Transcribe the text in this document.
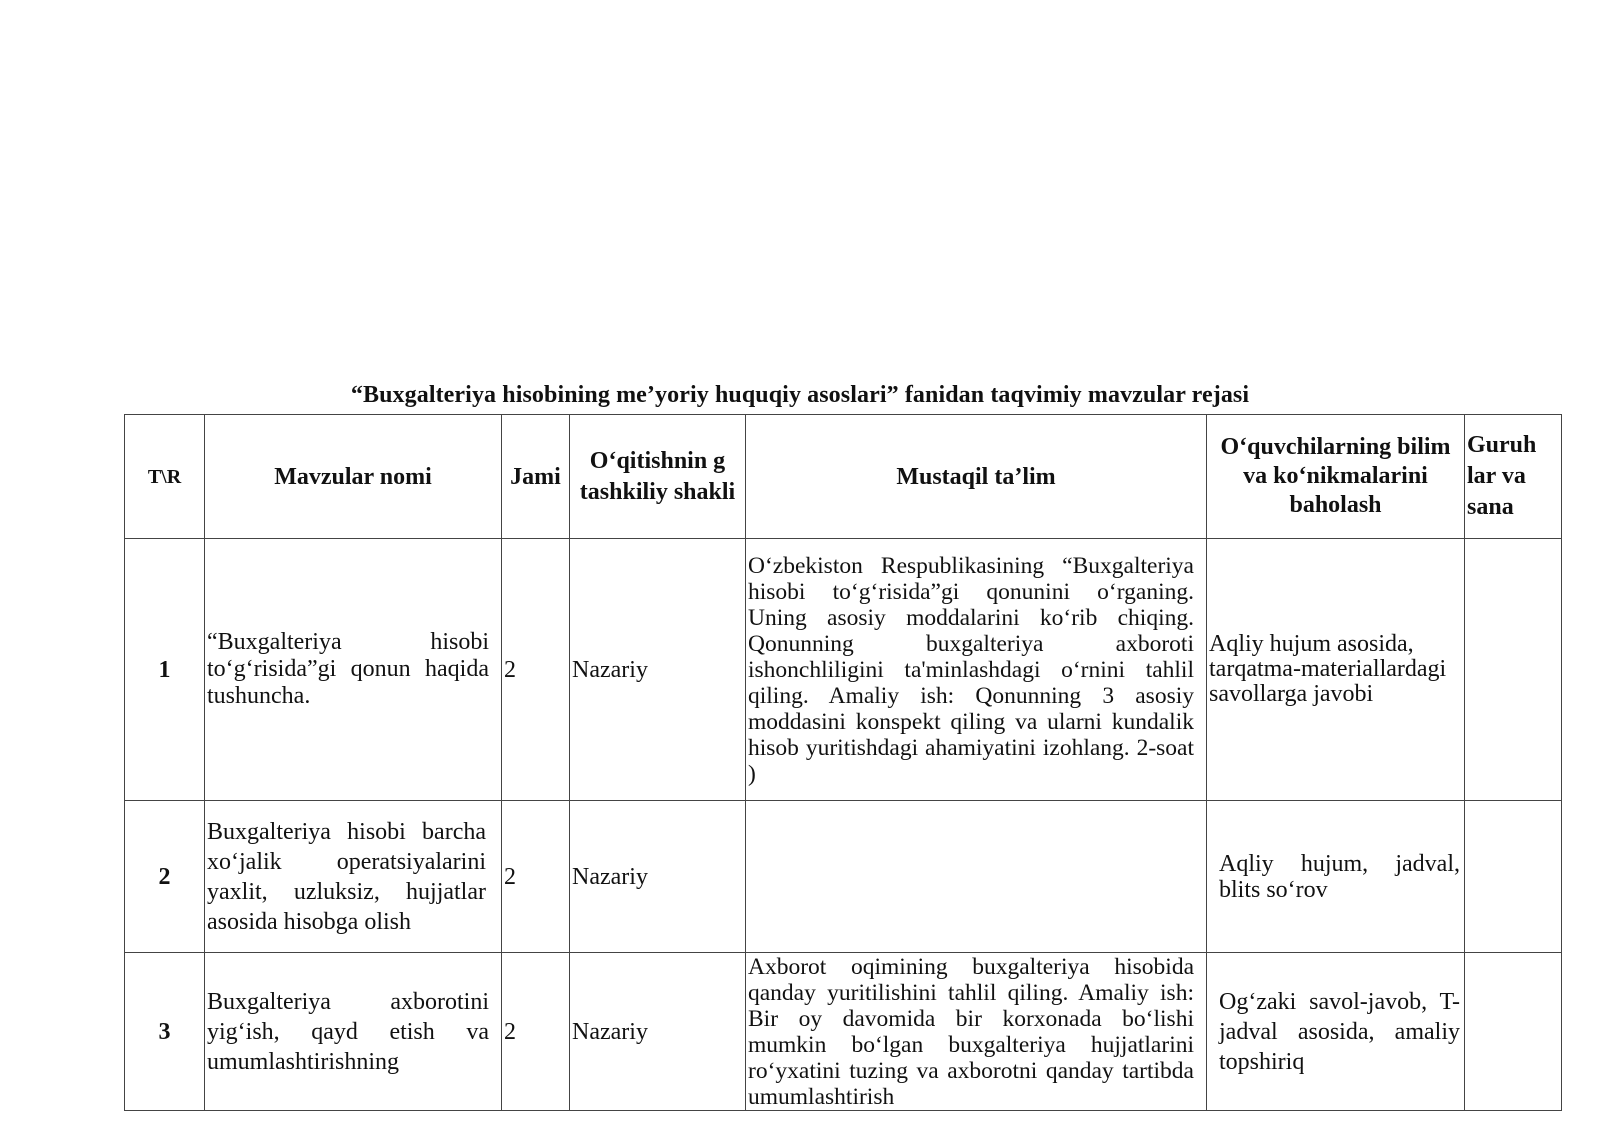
“Buxgalteriya hisobining me’yoriy huquqiy asoslari” fanidan taqvimiy mavzular rejasi
T\R	Mavzular nomi	Jami	O‘qitishnin g tashkiliy shakli	Mustaqil ta’lim	O‘quvchilarning bilim va ko‘nikmalarini baholash	Guruh lar va sana
1	“Buxgalteriya hisobi to‘g‘risida”gi qonun haqida tushuncha.	2	Nazariy	O‘zbekiston Respublikasining “Buxgalteriya hisobi to‘g‘risida”gi qonunini o‘rganing. Uning asosiy moddalarini ko‘rib chiqing. Qonunning buxgalteriya axboroti ishonchliligini ta'minlashdagi o‘rnini tahlil qiling. Amaliy ish: Qonunning 3 asosiy moddasini konspekt qiling va ularni kundalik hisob yuritishdagi ahamiyatini izohlang. 2-soat )	Aqliy hujum asosida, tarqatma-materiallardagi savollarga javobi	
2	Buxgalteriya hisobi barcha xo‘jalik operatsiyalarini yaxlit, uzluksiz, hujjatlar asosida hisobga olish	2	Nazariy		Aqliy hujum, jadval, blits so‘rov	
3	Buxgalteriya axborotini yig‘ish, qayd etish va umumlashtirishning	2	Nazariy	Axborot oqimining buxgalteriya hisobida qanday yuritilishini tahlil qiling. Amaliy ish: Bir oy davomida bir korxonada bo‘lishi mumkin bo‘lgan buxgalteriya hujjatlarini ro‘yxatini tuzing va axborotni qanday tartibda umumlashtirish	Og‘zaki savol-javob, T- jadval asosida, amaliy topshiriq	
